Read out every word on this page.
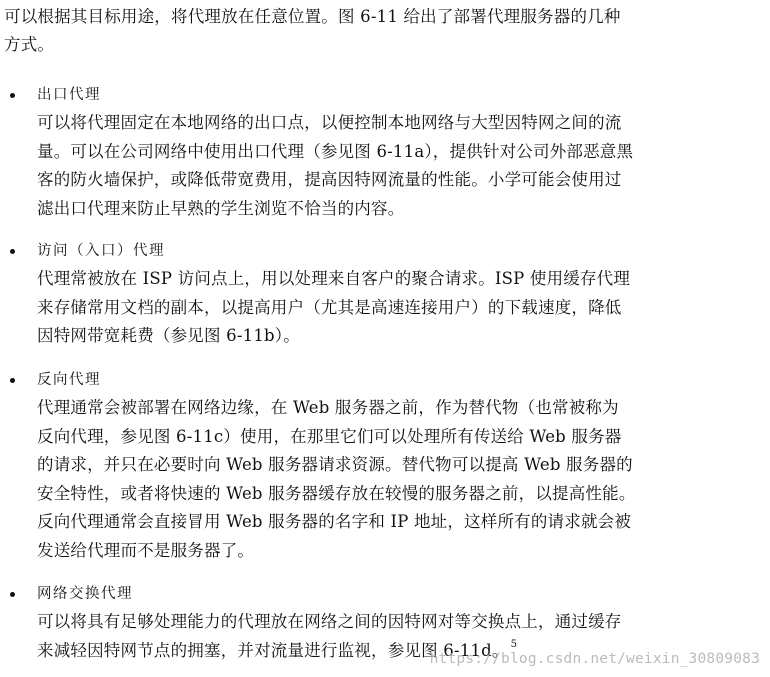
可以根据其目标用途，将代理放在任意位置。图 6-11 给出了部署代理服务器的几种
方式。
出口代理
可以将代理固定在本地网络的出口点，以便控制本地网络与大型因特网之间的流
量。可以在公司网络中使用出口代理（参见图 6-11a），提供针对公司外部恶意黑
客的防火墙保护，或降低带宽费用，提高因特网流量的性能。小学可能会使用过
滤出口代理来防止早熟的学生浏览不恰当的内容。
访问（入口）代理
代理常被放在 ISP 访问点上，用以处理来自客户的聚合请求。ISP 使用缓存代理
来存储常用文档的副本，以提高用户（尤其是高速连接用户）的下载速度，降低
因特网带宽耗费（参见图 6-11b）。
反向代理
代理通常会被部署在网络边缘，在 Web 服务器之前，作为替代物（也常被称为
反向代理，参见图 6-11c）使用，在那里它们可以处理所有传送给 Web 服务器
的请求，并只在必要时向 Web 服务器请求资源。替代物可以提高 Web 服务器的
安全特性，或者将快速的 Web 服务器缓存放在较慢的服务器之前，以提高性能。
反向代理通常会直接冒用 Web 服务器的名字和 IP 地址，这样所有的请求就会被
发送给代理而不是服务器了。
网络交换代理
可以将具有足够处理能力的代理放在网络之间的因特网对等交换点上，通过缓存
来减轻因特网节点的拥塞，并对流量进行监视，参见图 6-11d。 $^5$
https://blog.csdn.net/weixin_30809083
